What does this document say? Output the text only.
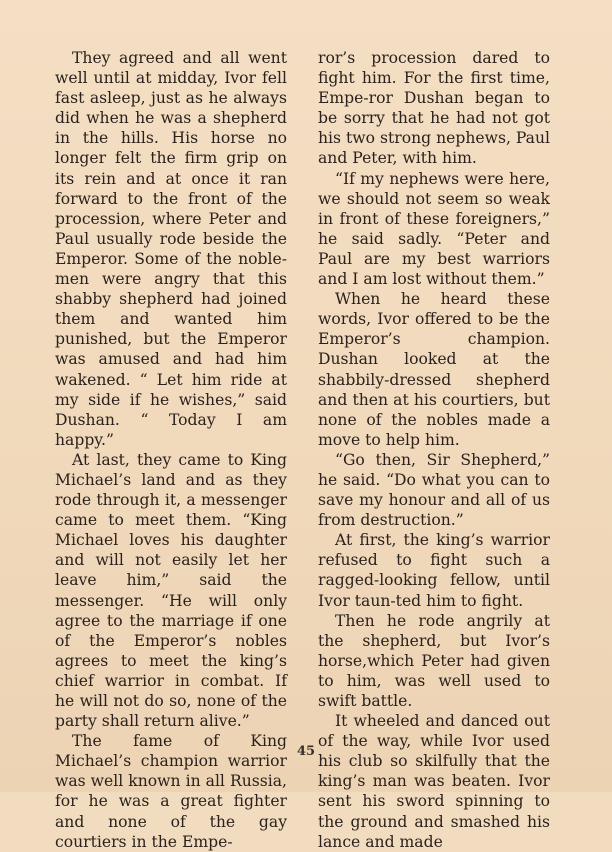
They agreed and all went well until at midday, Ivor fell fast asleep, just as he always did when he was a shepherd in the hills. His horse no longer felt the firm grip on its rein and at once it ran forward to the front of the procession, where Peter and Paul usually rode beside the Emperor. Some of the noble-men were angry that this shabby shepherd had joined them and wanted him punished, but the Emperor was amused and had him wakened. “ Let him ride at my side if he wishes,” said Dushan. “ Today I am happy.”

At last, they came to King Michael’s land and as they rode through it, a messenger came to meet them. “King Michael loves his daughter and will not easily let her leave him,” said the messenger. “He will only agree to the marriage if one of the Emperor’s nobles agrees to meet the king’s chief warrior in combat. If he will not do so, none of the party shall return alive.”

The fame of King Michael’s champion warrior was well known in all Russia, for he was a great fighter and none of the gay courtiers in the Empe-

ror’s procession dared to fight him. For the first time, Empe-ror Dushan began to be sorry that he had not got his two strong nephews, Paul and Peter, with him.

“If my nephews were here, we should not seem so weak in front of these foreigners,” he said sadly. “Peter and Paul are my best warriors and I am lost without them.”

When he heard these words, Ivor offered to be the Emperor’s champion. Dushan looked at the shabbily-dressed shepherd and then at his courtiers, but none of the nobles made a move to help him.

“Go then, Sir Shepherd,” he said. “Do what you can to save my honour and all of us from destruction.”

At first, the king’s warrior refused to fight such a ragged-looking fellow, until Ivor taun-ted him to fight.

Then he rode angrily at the shepherd, but Ivor’s horse,which Peter had given to him, was well used to swift battle.

It wheeled and danced out of the way, while Ivor used his club so skilfully that the king’s man was beaten. Ivor sent his sword spinning to the ground and smashed his lance and made

45
